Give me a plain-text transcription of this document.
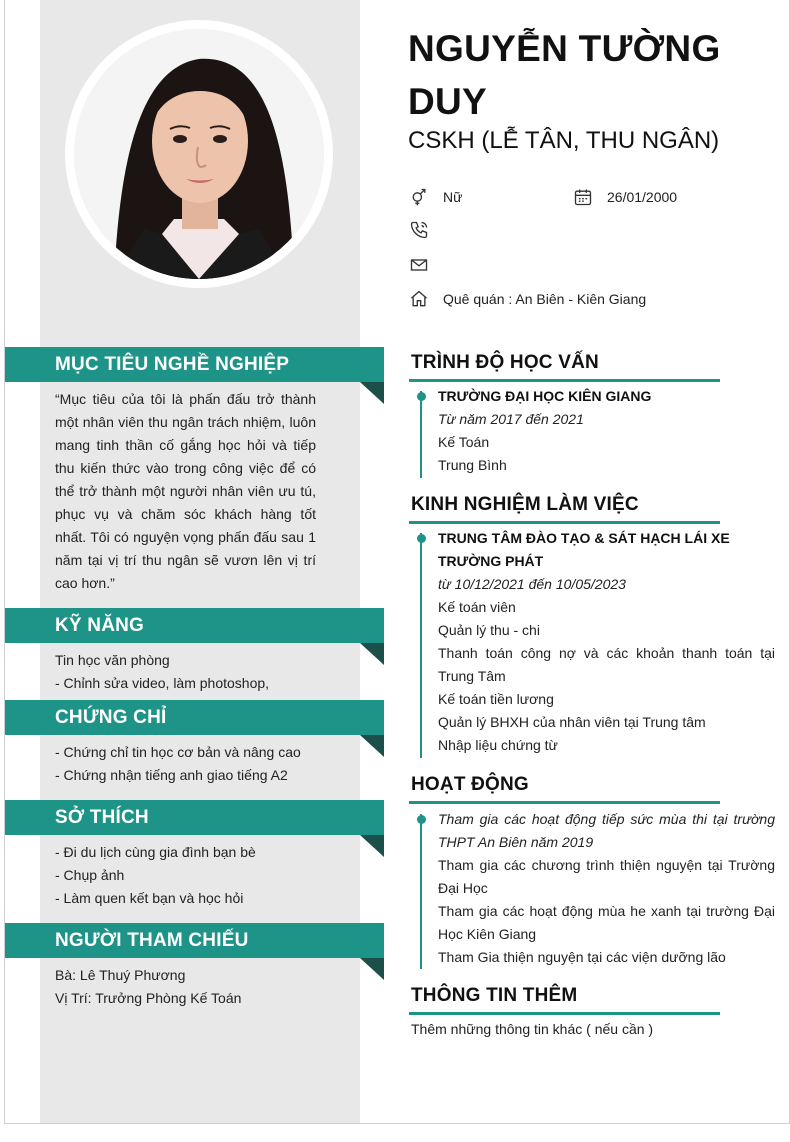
NGUYỄN TƯỜNG DUY
CSKH (LỄ TÂN, THU NGÂN)
Nữ	26/01/2000
Quê quán : An Biên - Kiên Giang
MỤC TIÊU NGHỀ NGHIỆP
“Mục tiêu của tôi là phấn đấu trở thành một nhân viên thu ngân trách nhiệm, luôn mang tinh thần cố gắng học hỏi và tiếp thu kiến thức vào trong công việc để có thể trở thành một người nhân viên ưu tú, phục vụ và chăm sóc khách hàng tốt nhất. Tôi có nguyện vọng phấn đấu sau 1 năm tại vị trí thu ngân sẽ vươn lên vị trí cao hơn.”
KỸ NĂNG
Tin học văn phòng
- Chỉnh sửa video, làm photoshop,
CHỨNG CHỈ
- Chứng chỉ tin học cơ bản và nâng cao
- Chứng nhận tiếng anh giao tiếng A2
SỞ THÍCH
- Đi du lịch cùng gia đình bạn bè
- Chụp ảnh
- Làm quen kết bạn và học hỏi
NGƯỜI THAM CHIẾU
Bà: Lê Thuý Phương
Vị Trí: Trưởng Phòng Kế Toán
TRÌNH ĐỘ HỌC VẤN
TRƯỜNG ĐẠI HỌC KIÊN GIANG
Từ năm 2017 đến 2021
Kế Toán
Trung Bình
KINH NGHIỆM LÀM VIỆC
TRUNG TÂM ĐÀO TẠO & SÁT HẠCH LÁI XE TRƯỜNG PHÁT
từ 10/12/2021 đến 10/05/2023
Kế toán viên
Quản lý thu - chi
Thanh toán công nợ và các khoản thanh toán tại Trung Tâm
Kế toán tiền lương
Quản lý BHXH của nhân viên tại Trung tâm
Nhập liệu chứng từ
HOẠT ĐỘNG
Tham gia các hoạt động tiếp sức mùa thi tại trường THPT An Biên năm 2019
Tham gia các chương trình thiện nguyện tại Trường Đại Học
Tham gia các hoạt động mùa he xanh tại trường Đại Học Kiên Giang
Tham Gia thiện nguyện tại các viện dưỡng lão
THÔNG TIN THÊM
Thêm những thông tin khác ( nếu cần )
